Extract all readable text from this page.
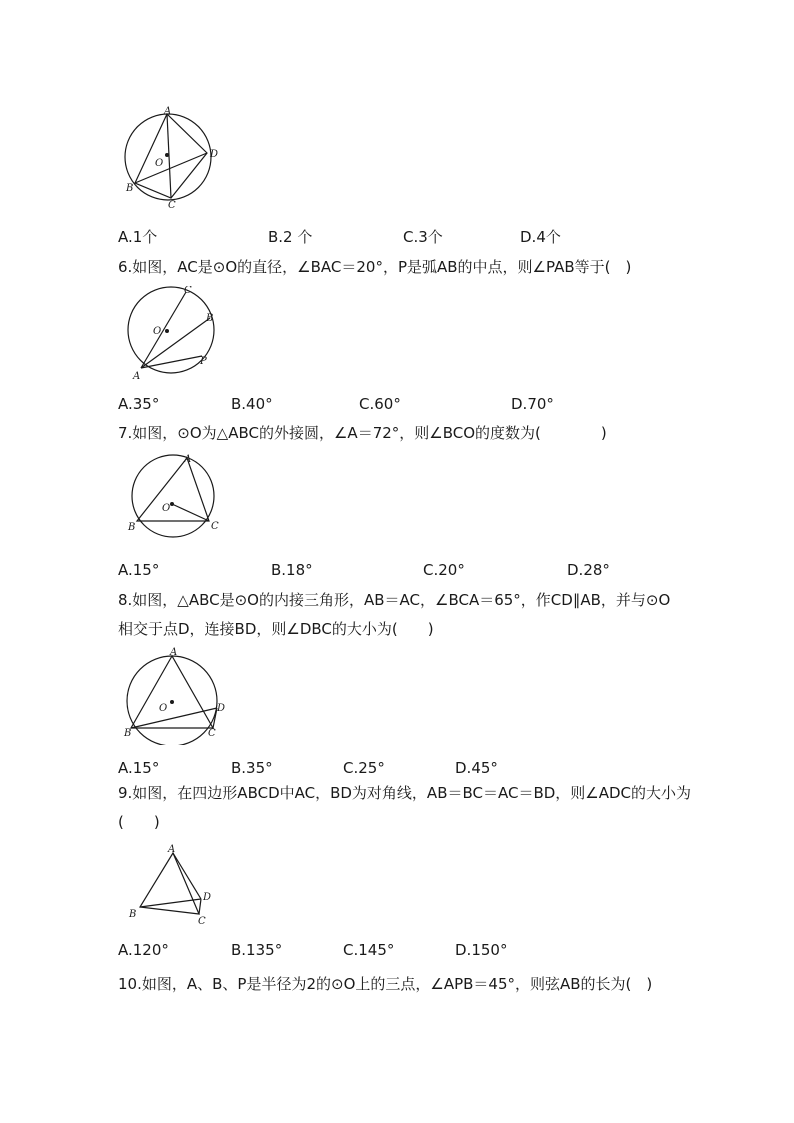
A
D
C
B
O
A.1个	B.2 个	C.3个	D.4个
6.如图，AC是⊙O的直径，∠BAC＝20°，P是弧AB的中点，则∠PAB等于(　)
C
B
P
A
O
A.35°	B.40°	C.60°	D.70°
7.如图，⊙O为△ABC的外接圆，∠A＝72°，则∠BCO的度数为(　　　　)
A
B	C
O
A.15°	B.18°	C.20°	D.28°
8.如图，△ABC是⊙O的内接三角形，AB＝AC，∠BCA＝65°，作CD∥AB，并与⊙O
相交于点D，连接BD，则∠DBC的大小为(　　)
A
B	C
D
O
A.15°	B.35°	C.25°	D.45°
9.如图，在四边形ABCD中AC，BD为对角线，AB＝BC＝AC＝BD，则∠ADC的大小为
(　　)
A
B
C
D
A.120°	B.135°	C.145°	D.150°
10.如图，A、B、P是半径为2的⊙O上的三点，∠APB＝45°，则弦AB的长为(　)
